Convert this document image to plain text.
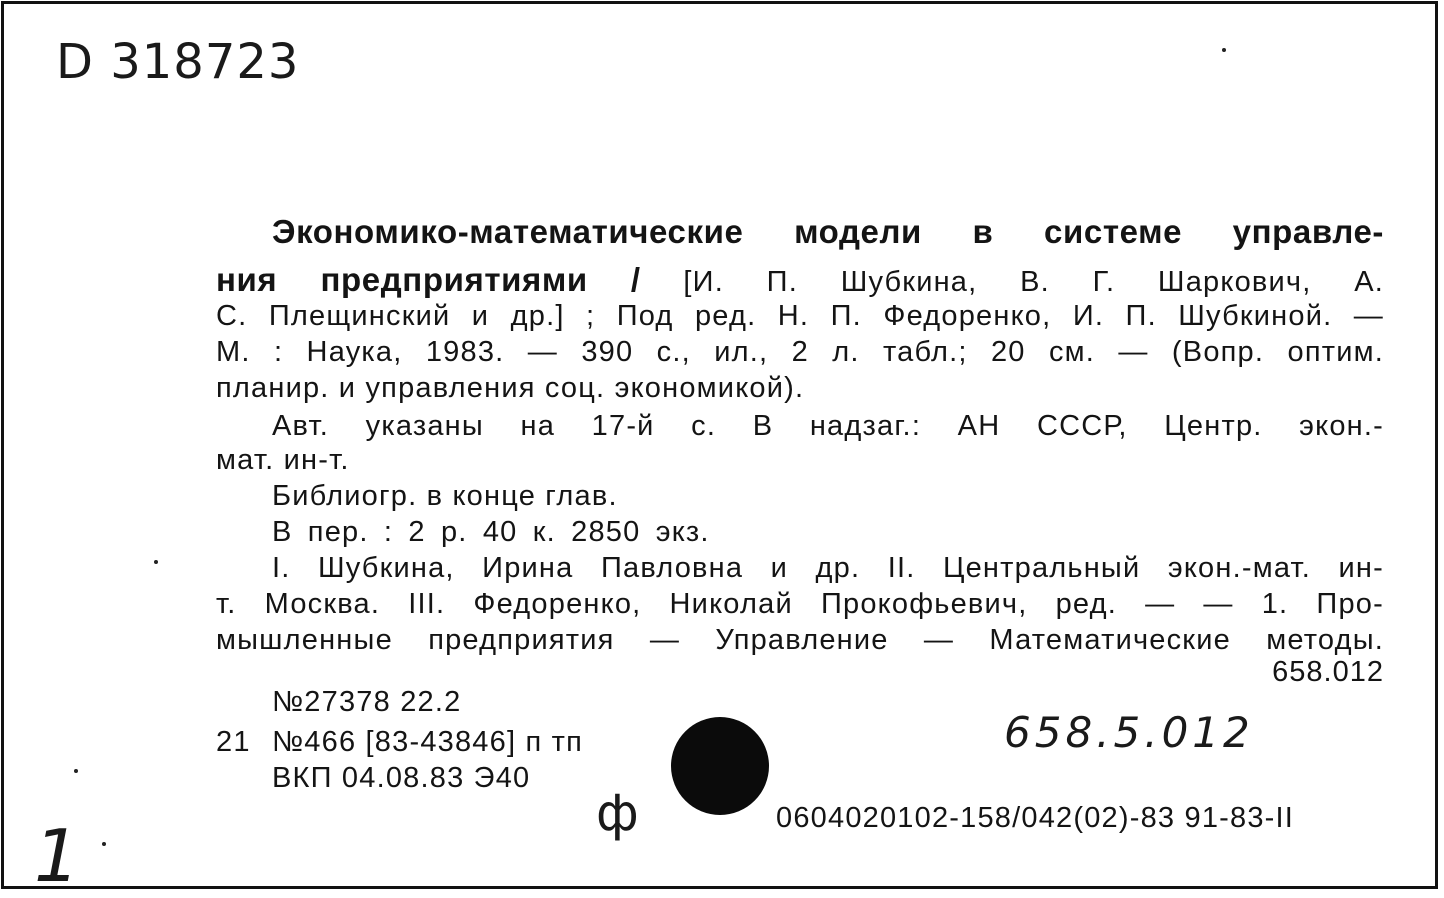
D 318723
Экономико-математические модели в системе управле-
ния предприятиями / [И. П. Шубкина, В. Г. Шаркович, А.
С. Плещинский и др.] ; Под ред. Н. П. Федоренко, И. П. Шубкиной. —
М. : Наука, 1983. — 390 с., ил., 2 л. табл.; 20 см. — (Вопр. оптим.
планир. и управления соц. экономикой).
Авт. указаны на 17-й с. В надзаг.: АН СССР, Центр. экон.-
мат. ин-т.
Библиогр. в конце глав.
В пер. : 2 р. 40 к. 2850 экз.
I. Шубкина, Ирина Павловна и др. II. Центральный экон.-мат. ин-
т. Москва. III. Федоренко, Николай Прокофьевич, ред. — — 1. Про-
мышленные предприятия — Управление — Математические методы.
658.012
№27378 22.2
21 №466 [83-43846] п тп
ВКП 04.08.83 Э40
658.5.012
ф	0604020102-158/042(02)-83 91-83-II
1
